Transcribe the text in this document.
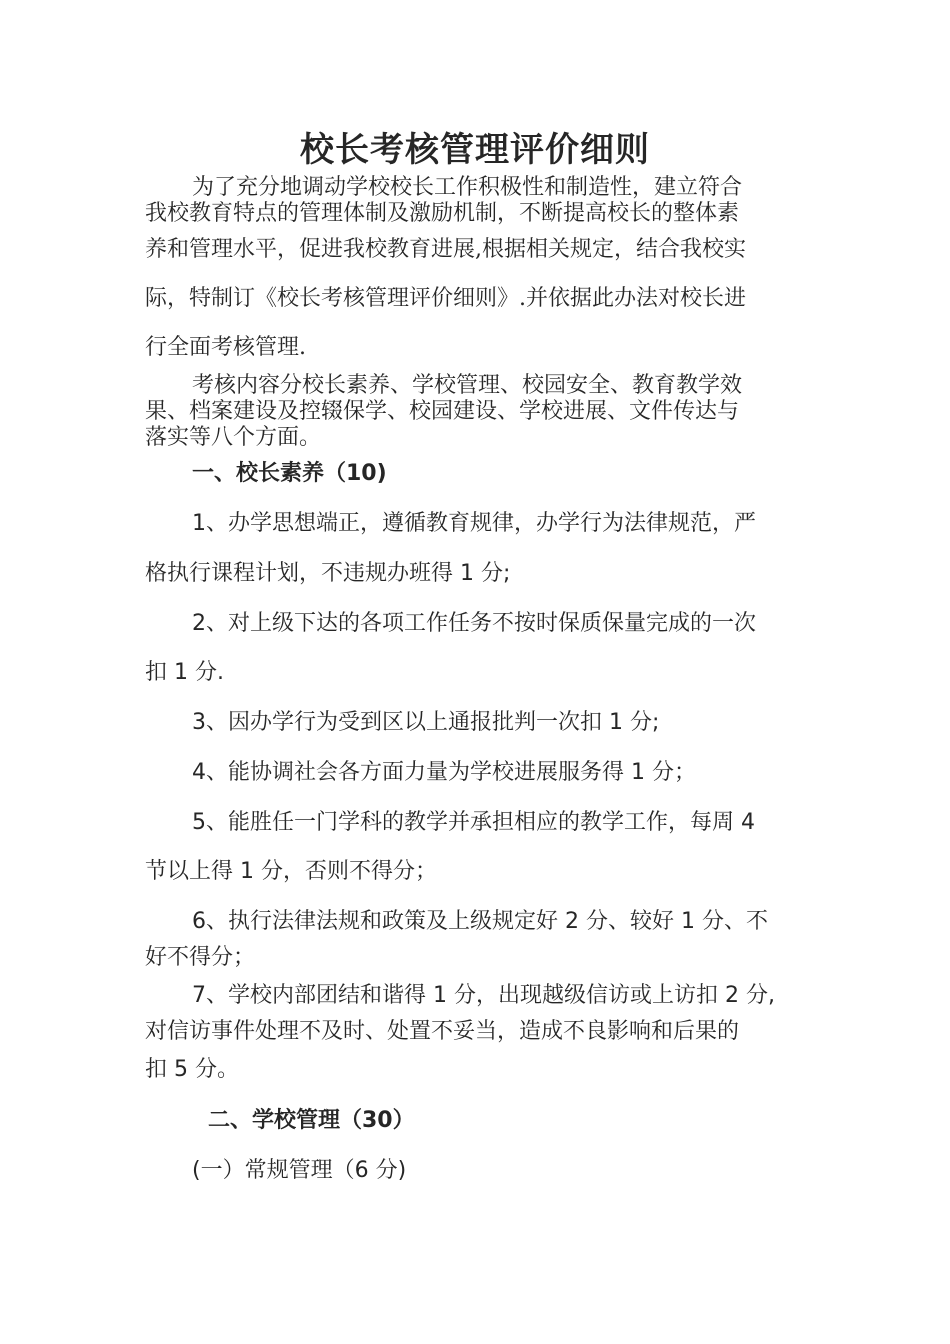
校长考核管理评价细则
为了充分地调动学校校长工作积极性和制造性，建立符合
我校教育特点的管理体制及激励机制，不断提高校长的整体素
养和管理水平，促进我校教育进展,根据相关规定，结合我校实
际，特制订《校长考核管理评价细则》.并依据此办法对校长进
行全面考核管理.
考核内容分校长素养、学校管理、校园安全、教育教学效
果、档案建设及控辍保学、校园建设、学校进展、文件传达与
落实等八个方面。
一、校长素养（10)
1、办学思想端正，遵循教育规律，办学行为法律规范，严
格执行课程计划，不违规办班得 1 分;
2、对上级下达的各项工作任务不按时保质保量完成的一次
扣 1 分.
3、因办学行为受到区以上通报批判一次扣 1 分;
4、能协调社会各方面力量为学校进展服务得 1 分；
5、能胜任一门学科的教学并承担相应的教学工作，每周 4
节以上得 1 分，否则不得分；
6、执行法律法规和政策及上级规定好 2 分、较好 1 分、不
好不得分；
7、学校内部团结和谐得 1 分，出现越级信访或上访扣 2 分,
对信访事件处理不及时、处置不妥当，造成不良影响和后果的
扣 5 分。
二、学校管理（30）
(一）常规管理（6 分)
